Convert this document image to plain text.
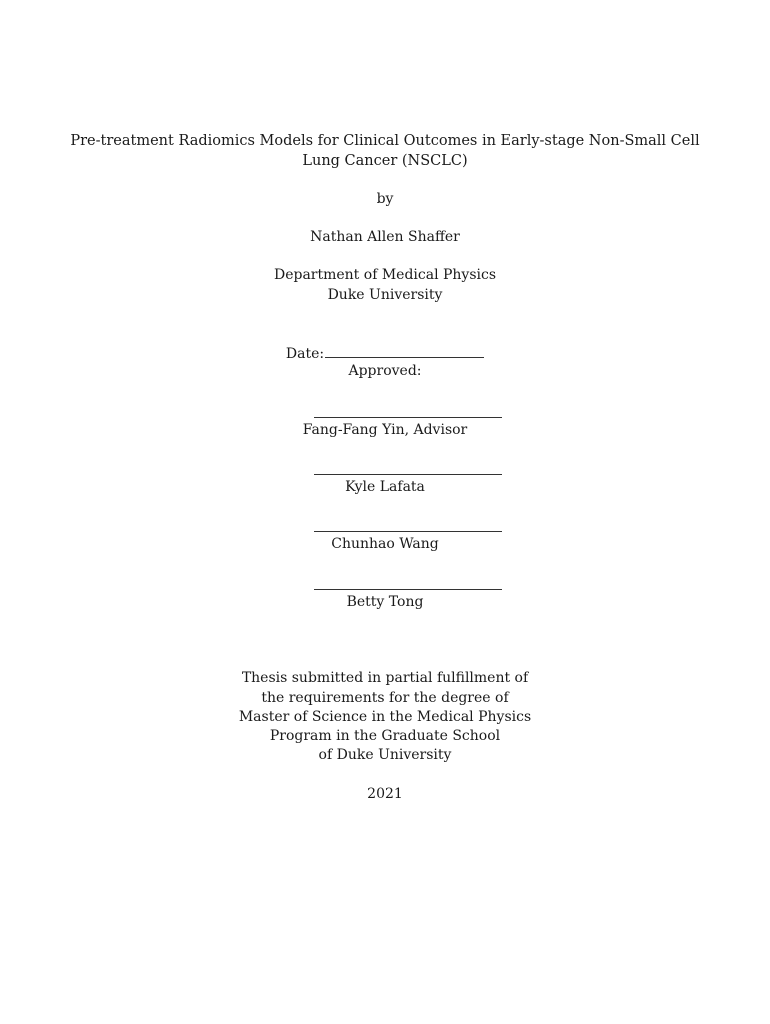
Pre-treatment Radiomics Models for Clinical Outcomes in Early-stage Non-Small Cell
Lung Cancer (NSCLC)
by
Nathan Allen Shaffer
Department of Medical Physics
Duke University
Date:
Approved:
Fang-Fang Yin, Advisor
Kyle Lafata
Chunhao Wang
Betty Tong
Thesis submitted in partial fulfillment of
the requirements for the degree of
Master of Science in the Medical Physics
Program in the Graduate School
of Duke University
2021
